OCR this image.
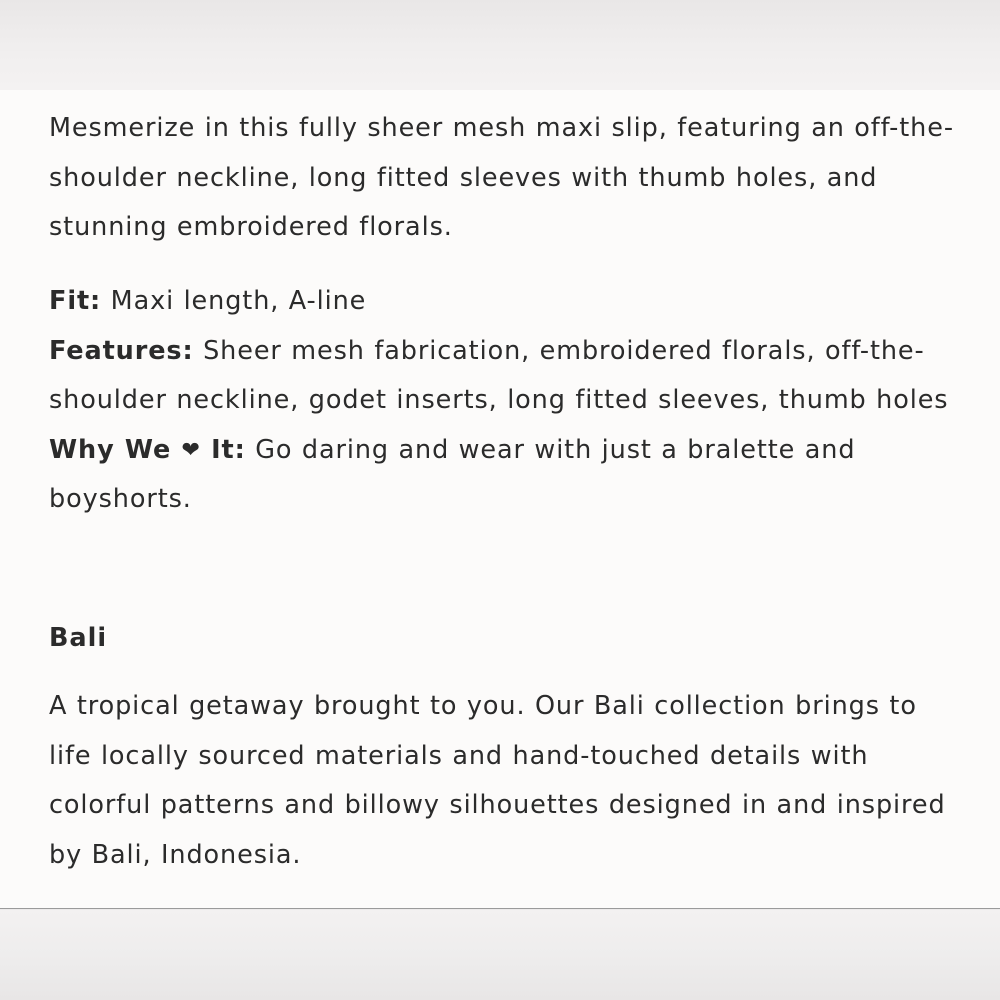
Mesmerize in this fully sheer mesh maxi slip, featuring an off-the-shoulder neckline, long fitted sleeves with thumb holes, and stunning embroidered florals.

Fit: Maxi length, A-line

Features: Sheer mesh fabrication, embroidered florals, off-the-shoulder neckline, godet inserts, long fitted sleeves, thumb holes

Why We ❤ It: Go daring and wear with just a bralette and boyshorts.

Bali

A tropical getaway brought to you. Our Bali collection brings to life locally sourced materials and hand-touched details with colorful patterns and billowy silhouettes designed in and inspired by Bali, Indonesia.
